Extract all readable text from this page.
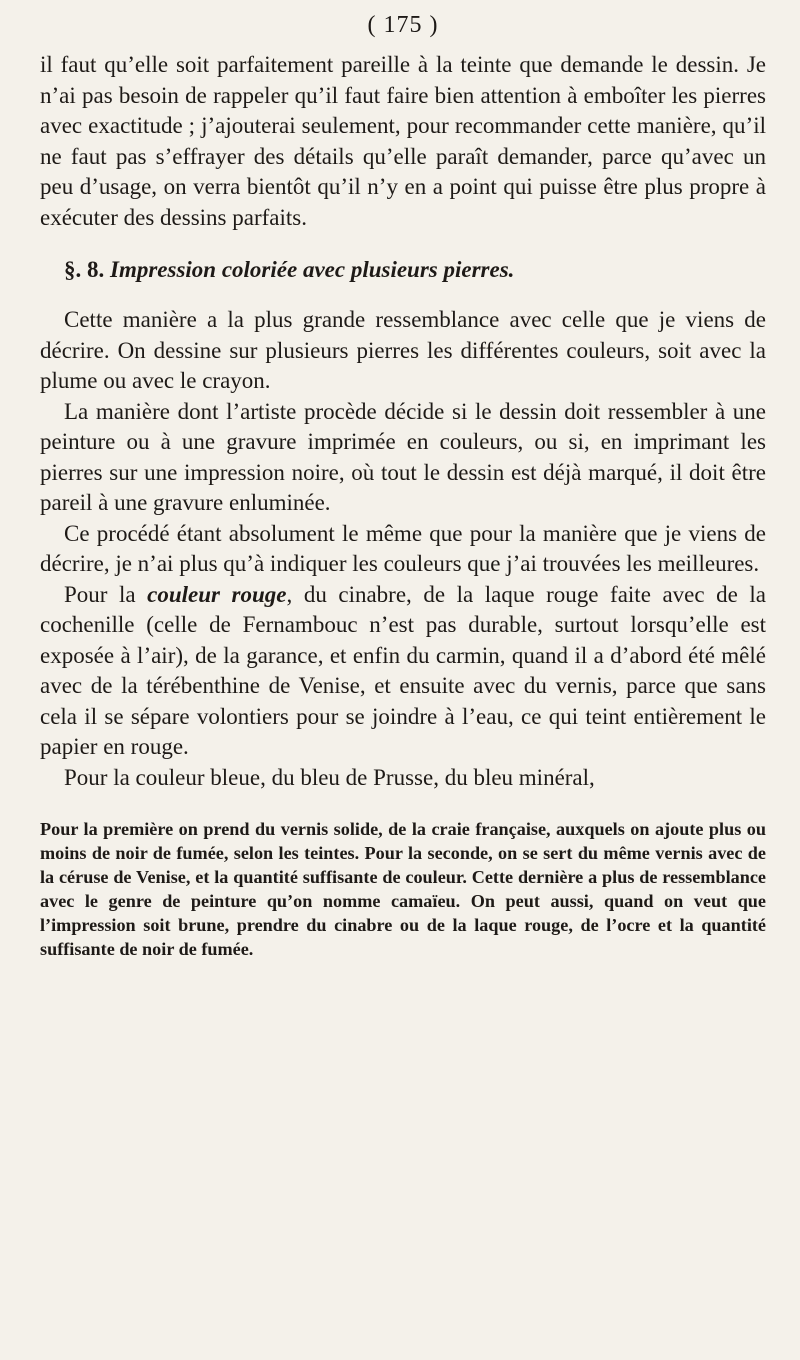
( 175 )

il faut qu’elle soit parfaitement pareille à la teinte que demande le dessin. Je n’ai pas besoin de rappeler qu’il faut faire bien attention à emboîter les pierres avec exactitude ; j’ajouterai seulement, pour recommander cette manière, qu’il ne faut pas s’effrayer des détails qu’elle paraît demander, parce qu’avec un peu d’usage, on verra bientôt qu’il n’y en a point qui puisse être plus propre à exécuter des dessins parfaits.

§. 8. Impression coloriée avec plusieurs pierres.

Cette manière a la plus grande ressemblance avec celle que je viens de décrire. On dessine sur plusieurs pierres les différentes couleurs, soit avec la plume ou avec le crayon.

La manière dont l’artiste procède décide si le dessin doit ressembler à une peinture ou à une gravure imprimée en couleurs, ou si, en imprimant les pierres sur une impression noire, où tout le dessin est déjà marqué, il doit être pareil à une gravure enluminée.

Ce procédé étant absolument le même que pour la manière que je viens de décrire, je n’ai plus qu’à indiquer les couleurs que j’ai trouvées les meilleures.

Pour la couleur rouge, du cinabre, de la laque rouge faite avec de la cochenille (celle de Fernambouc n’est pas durable, surtout lorsqu’elle est exposée à l’air), de la garance, et enfin du carmin, quand il a d’abord été mêlé avec de la térébenthine de Venise, et ensuite avec du vernis, parce que sans cela il se sépare volontiers pour se joindre à l’eau, ce qui teint entièrement le papier en rouge.

Pour la couleur bleue, du bleu de Prusse, du bleu minéral,

Pour la première on prend du vernis solide, de la craie française, auxquels on ajoute plus ou moins de noir de fumée, selon les teintes. Pour la seconde, on se sert du même vernis avec de la céruse de Venise, et la quantité suffisante de couleur. Cette dernière a plus de ressemblance avec le genre de peinture qu’on nomme camaïeu. On peut aussi, quand on veut que l’impression soit brune, prendre du cinabre ou de la laque rouge, de l’ocre et la quantité suffisante de noir de fumée.
